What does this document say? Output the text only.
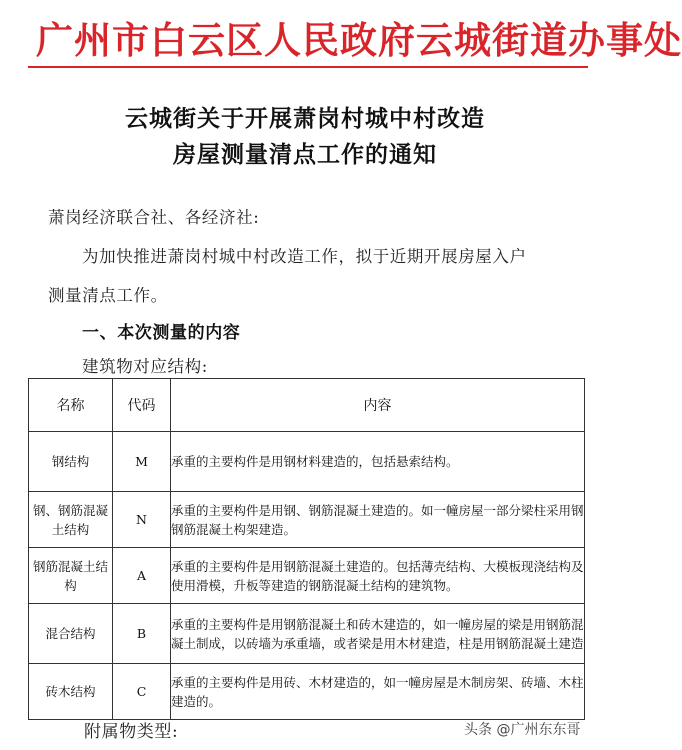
广州市白云区人民政府云城街道办事处
云城街关于开展萧岗村城中村改造
房屋测量清点工作的通知
萧岗经济联合社、各经济社:
为加快推进萧岗村城中村改造工作，拟于近期开展房屋入户
测量清点工作。
一、本次测量的内容
建筑物对应结构:
名称	代码	内容
钢结构	M	承重的主要构件是用钢材料建造的，包括悬索结构。
钢、钢筋混凝土结构	N	承重的主要构件是用钢、钢筋混凝土建造的。如一幢房屋一部分梁柱采用钢钢筋混凝土构架建造。
钢筋混凝土结构	A	承重的主要构件是用钢筋混凝土建造的。包括薄壳结构、大模板现浇结构及使用滑模，升板等建造的钢筋混凝土结构的建筑物。
混合结构	B	承重的主要构件是用钢筋混凝土和砖木建造的，如一幢房屋的梁是用钢筋混凝土制成，以砖墙为承重墙，或者梁是用木材建造，柱是用钢筋混凝土建造
砖木结构	C	承重的主要构件是用砖、木材建造的，如一幢房屋是木制房架、砖墙、木柱建造的。
附属物类型:	头条 @广州东东哥
